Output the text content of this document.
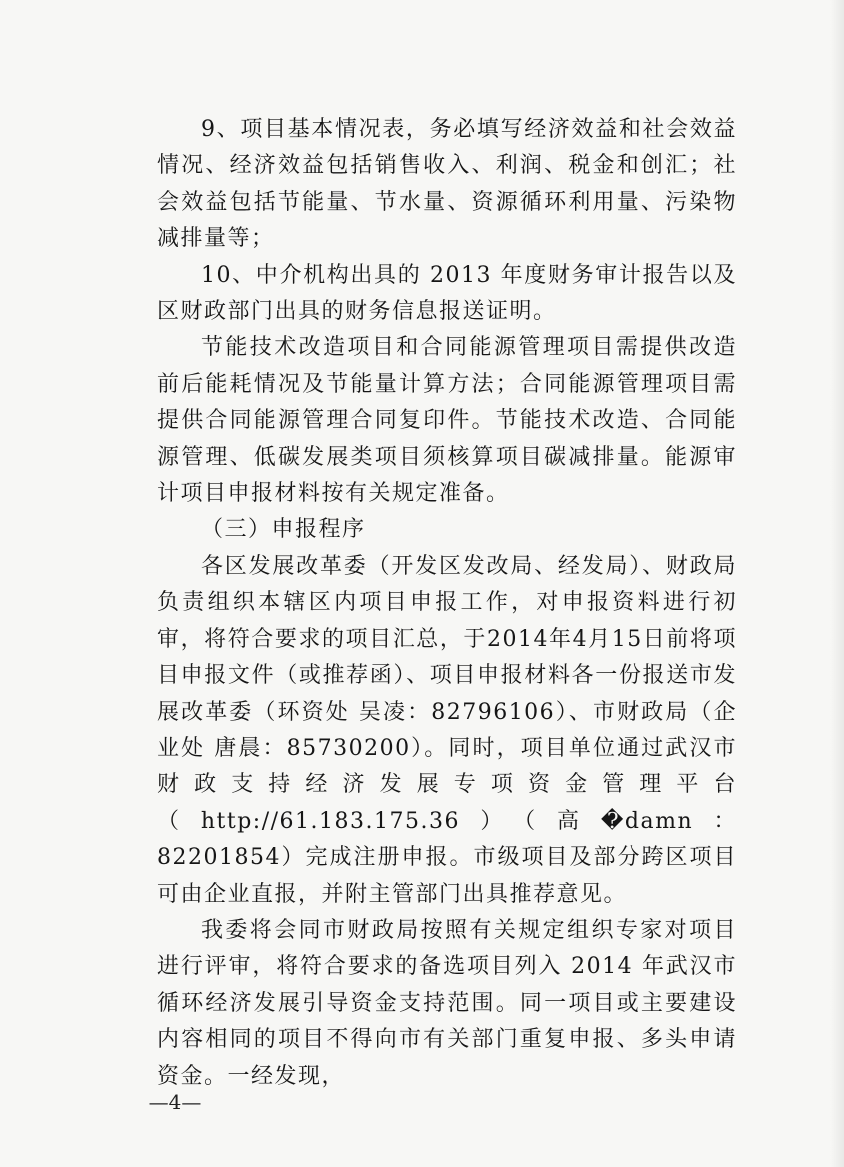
9、项目基本情况表，务必填写经济效益和社会效益情况、经济效益包括销售收入、利润、税金和创汇；社会效益包括节能量、节水量、资源循环利用量、污染物减排量等；

10、中介机构出具的 2013 年度财务审计报告以及区财政部门出具的财务信息报送证明。

节能技术改造项目和合同能源管理项目需提供改造前后能耗情况及节能量计算方法；合同能源管理项目需提供合同能源管理合同复印件。节能技术改造、合同能源管理、低碳发展类项目须核算项目碳减排量。能源审计项目申报材料按有关规定准备。

（三）申报程序

各区发展改革委（开发区发改局、经发局）、财政局负责组织本辖区内项目申报工作，对申报资料进行初审，将符合要求的项目汇总，于2014年4月15日前将项目申报文件（或推荐函）、项目申报材料各一份报送市发展改革委（环资处 吴凌：82796106）、市财政局（企业处 唐晨：85730200）。同时，项目单位通过武汉市财政支持经济发展专项资金管理平台（http://61.183.175.36）（高�damn：82201854）完成注册申报。市级项目及部分跨区项目可由企业直报，并附主管部门出具推荐意见。

我委将会同市财政局按照有关规定组织专家对项目进行评审，将符合要求的备选项目列入 2014 年武汉市循环经济发展引导资金支持范围。同一项目或主要建设内容相同的项目不得向市有关部门重复申报、多头申请资金。一经发现，

—4—
